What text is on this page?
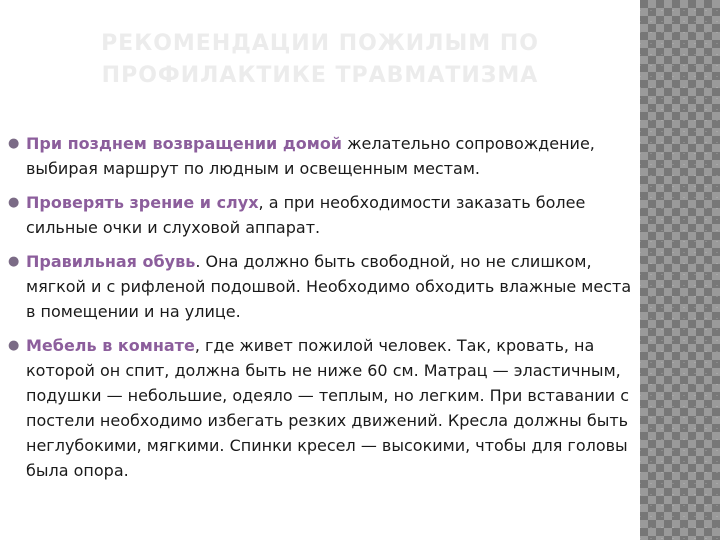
РЕКОМЕНДАЦИИ ПОЖИЛЫМ ПО
ПРОФИЛАКТИКЕ ТРАВМАТИЗМА
● При позднем возвращении домой желательно сопровождение, выбирая маршрут по людным и освещенным местам.
● Проверять зрение и слух, а при необходимости заказать более сильные очки и слуховой аппарат.
● Правильная обувь. Она должно быть свободной, но не слишком, мягкой и с рифленой подошвой. Необходимо обходить влажные места в помещении и на улице.
● Мебель в комнате, где живет пожилой человек. Так, кровать, на которой он спит, должна быть не ниже 60 см. Матрац — эластичным, подушки — небольшие, одеяло — теплым, но легким. При вставании с постели необходимо избегать резких движений. Кресла должны быть неглубокими, мягкими. Спинки кресел — высокими, чтобы для головы была опора.
